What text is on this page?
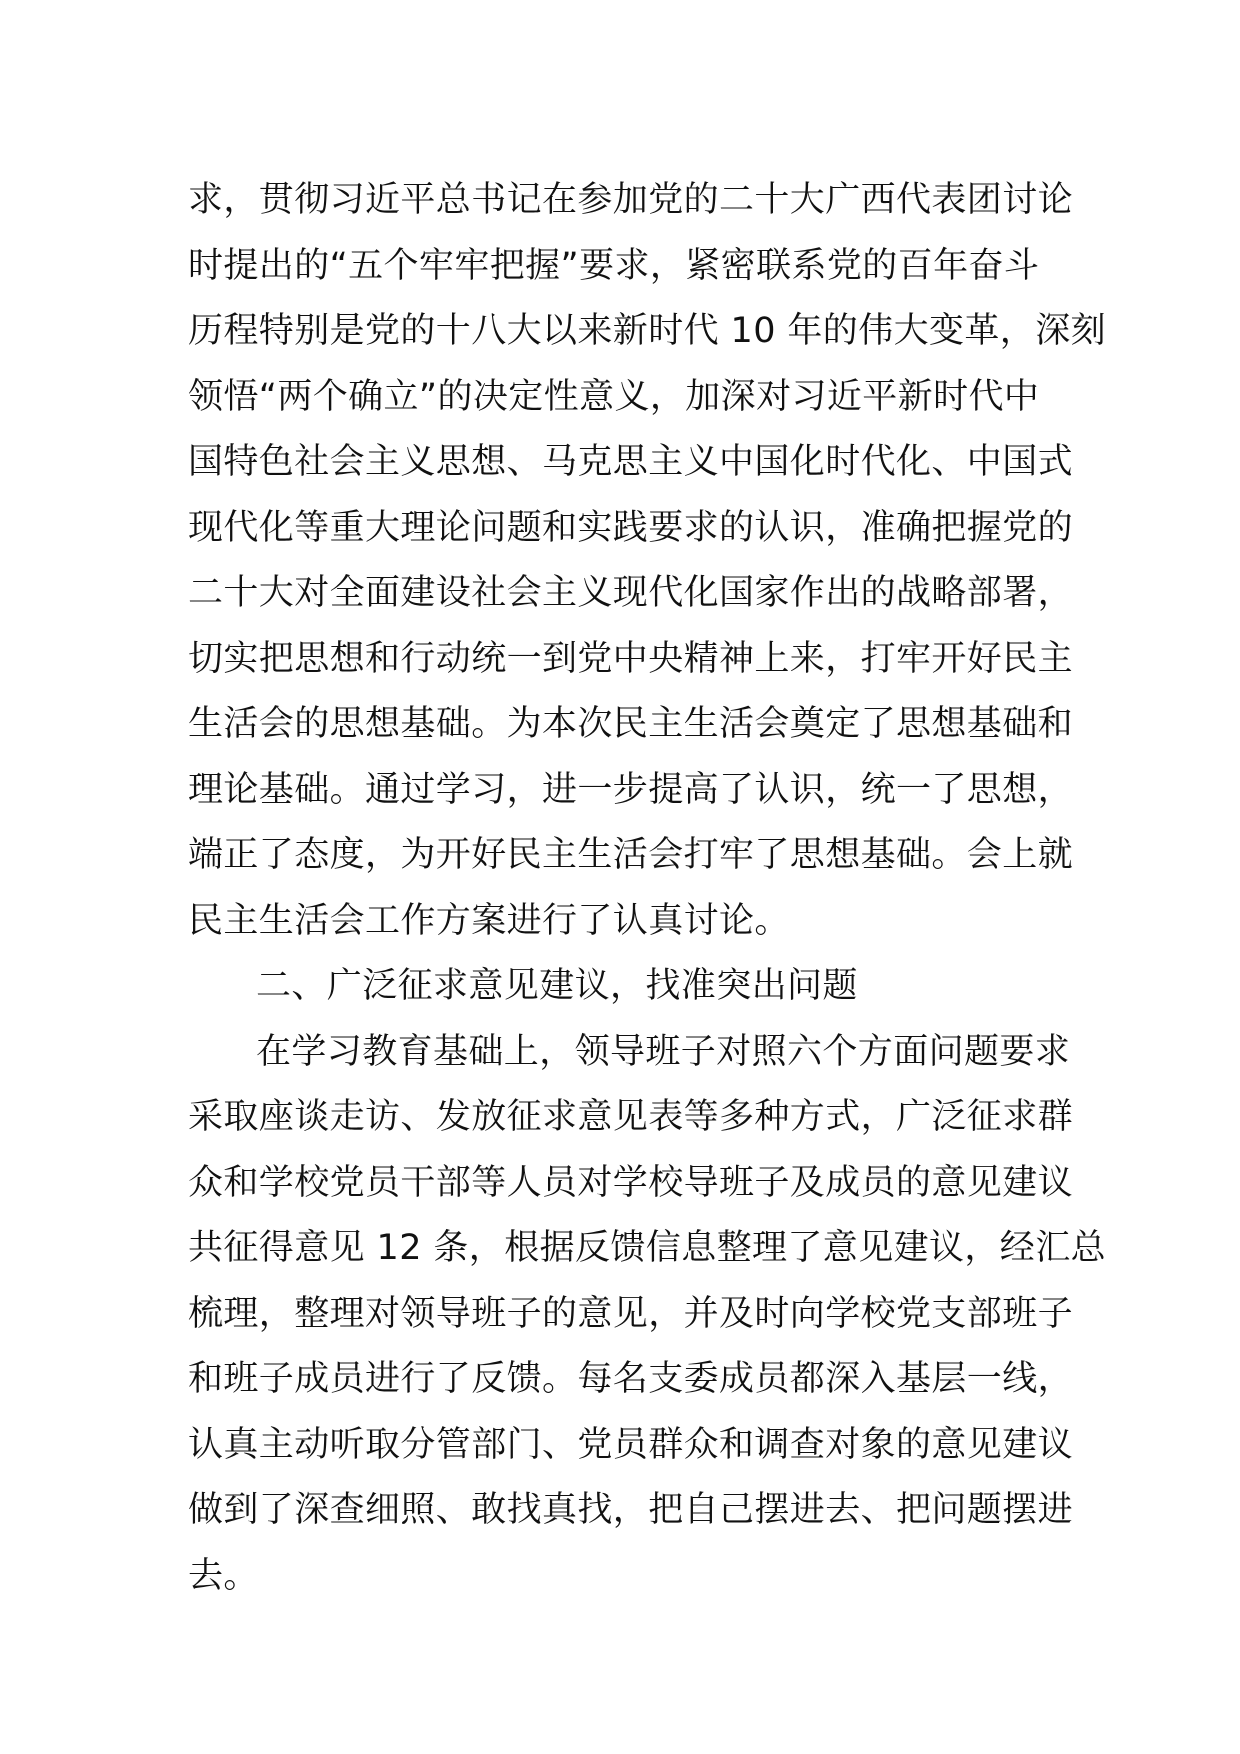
求，贯彻习近平总书记在参加党的二十大广西代表团讨论
时提出的“五个牢牢把握”要求，紧密联系党的百年奋斗
历程特别是党的十八大以来新时代 10 年的伟大变革，深刻
领悟“两个确立”的决定性意义，加深对习近平新时代中
国特色社会主义思想、马克思主义中国化时代化、中国式
现代化等重大理论问题和实践要求的认识，准确把握党的
二十大对全面建设社会主义现代化国家作出的战略部署，
切实把思想和行动统一到党中央精神上来，打牢开好民主
生活会的思想基础。为本次民主生活会奠定了思想基础和
理论基础。通过学习，进一步提高了认识，统一了思想，
端正了态度，为开好民主生活会打牢了思想基础。会上就
民主生活会工作方案进行了认真讨论。
二、广泛征求意见建议，找准突出问题
在学习教育基础上，领导班子对照六个方面问题要求
采取座谈走访、发放征求意见表等多种方式，广泛征求群
众和学校党员干部等人员对学校导班子及成员的意见建议
共征得意见 12 条，根据反馈信息整理了意见建议，经汇总
梳理，整理对领导班子的意见，并及时向学校党支部班子
和班子成员进行了反馈。每名支委成员都深入基层一线，
认真主动听取分管部门、党员群众和调查对象的意见建议
做到了深查细照、敢找真找，把自己摆进去、把问题摆进
去。
